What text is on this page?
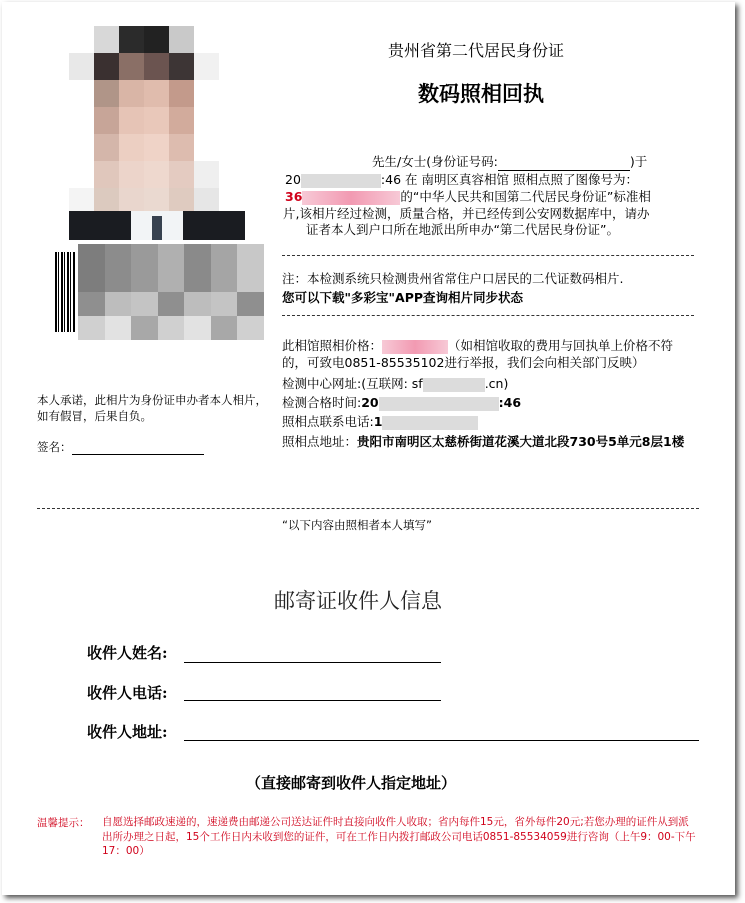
贵州省第二代居民身份证
数码照相回执
先生/女士(身份证号码:	)于
20	:46 在 南明区真容相馆 照相点照了图像号为：
36	的“中华人民共和国第二代居民身份证”标准相
片,该相片经过检测，质量合格，并已经传到公安网数据库中，请办
证者本人到户口所在地派出所申办“第二代居民身份证”。
注：本检测系统只检测贵州省常住户口居民的二代证数码相片.
您可以下载"多彩宝"APP查询相片同步状态
此相馆照相价格：	（如相馆收取的费用与回执单上价格不符的，可致电0851-85535102进行举报，我们会向相关部门反映）
检测中心网址:(互联网: sf	.cn)
检测合格时间:20	:46
照相点联系电话:1
照相点地址：贵阳市南明区太慈桥街道花溪大道北段730号5单元8层1楼
本人承诺，此相片为身份证申办者本人相片，如有假冒，后果自负。
签名：
“以下内容由照相者本人填写”
邮寄证收件人信息
收件人姓名:
收件人电话:
收件人地址:
（直接邮寄到收件人指定地址）
温馨提示： 自愿选择邮政速递的，速递费由邮递公司送达证件时直接向收件人收取；省内每件15元，省外每件20元;若您办理的证件从到派出所办理之日起，15个工作日内未收到您的证件，可在工作日内拨打邮政公司电话0851-85534059进行咨询（上午9：00-下午17：00）
